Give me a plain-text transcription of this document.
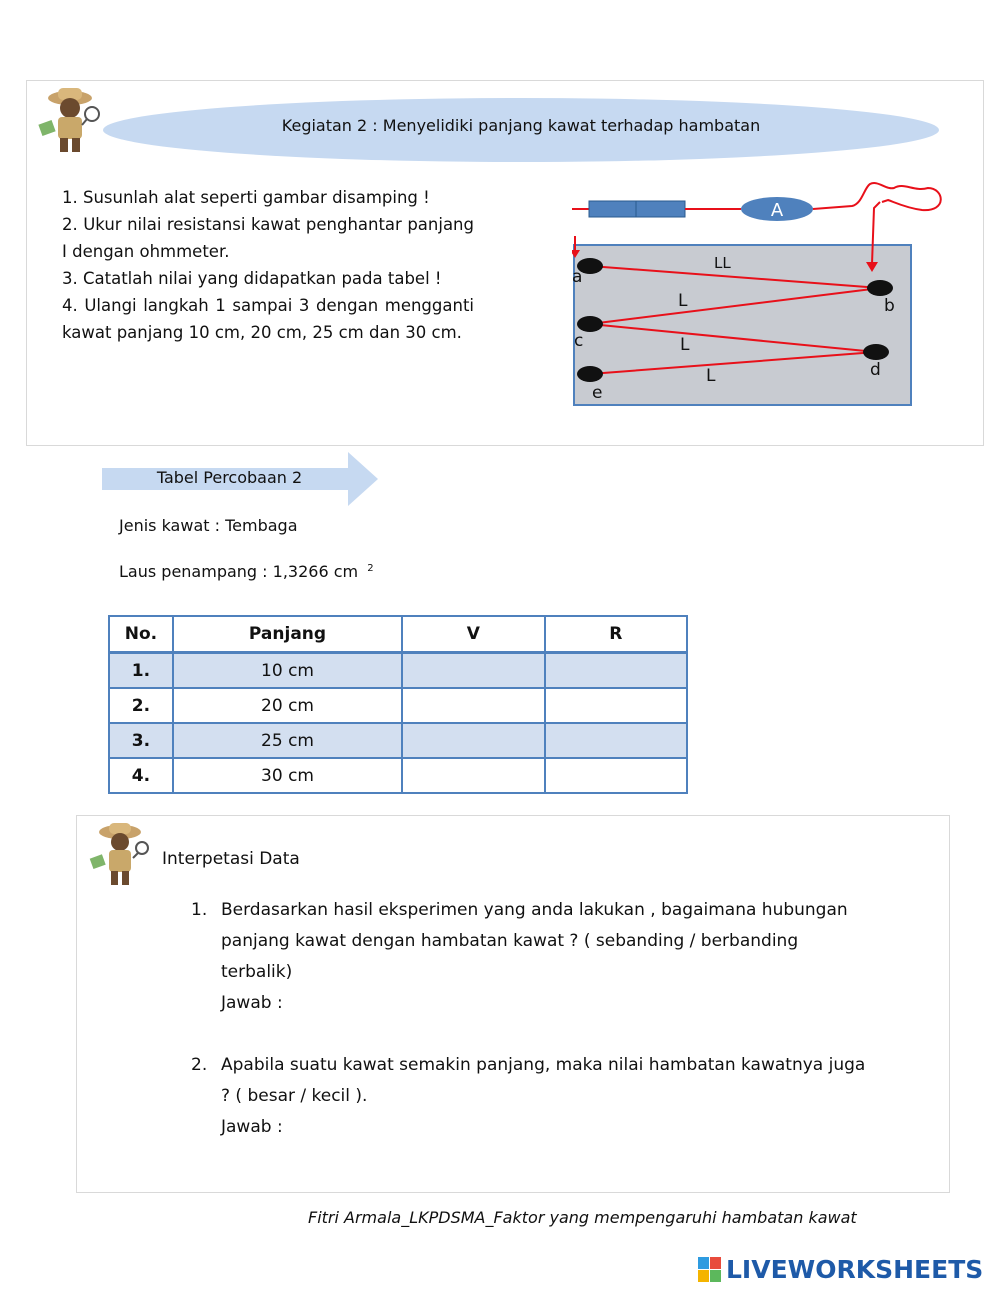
Kegiatan 2 : Menyelidiki panjang kawat terhadap hambatan

1. Susunlah alat seperti gambar disamping !

2. Ukur nilai resistansi kawat penghantar panjang I dengan ohmmeter.

3. Catatlah nilai yang didapatkan pada tabel !

4. Ulangi langkah 1 sampai 3 dengan mengganti kawat panjang 10 cm, 20 cm, 25 cm dan 30 cm.

A
a
b
c
d
e
LL
L
L
L
Tabel Percobaan 2
Jenis kawat : Tembaga
Laus penampang : 1,3266 cm $^2$
No.	Panjang	V	R
1.	10 cm		
2.	20 cm		
3.	25 cm		
4.	30 cm		
Interpetasi Data
1. Berdasarkan hasil eksperimen yang anda lakukan , bagaimana hubungan panjang kawat dengan hambatan kawat ? ( sebanding / berbanding terbalik)
Jawab :
2. Apabila suatu kawat semakin panjang, maka nilai hambatan kawatnya juga ? ( besar / kecil ).
Jawab :
Fitri Armala_LKPDSMA_Faktor yang mempengaruhi hambatan kawat
LIVEWORKSHEETS
